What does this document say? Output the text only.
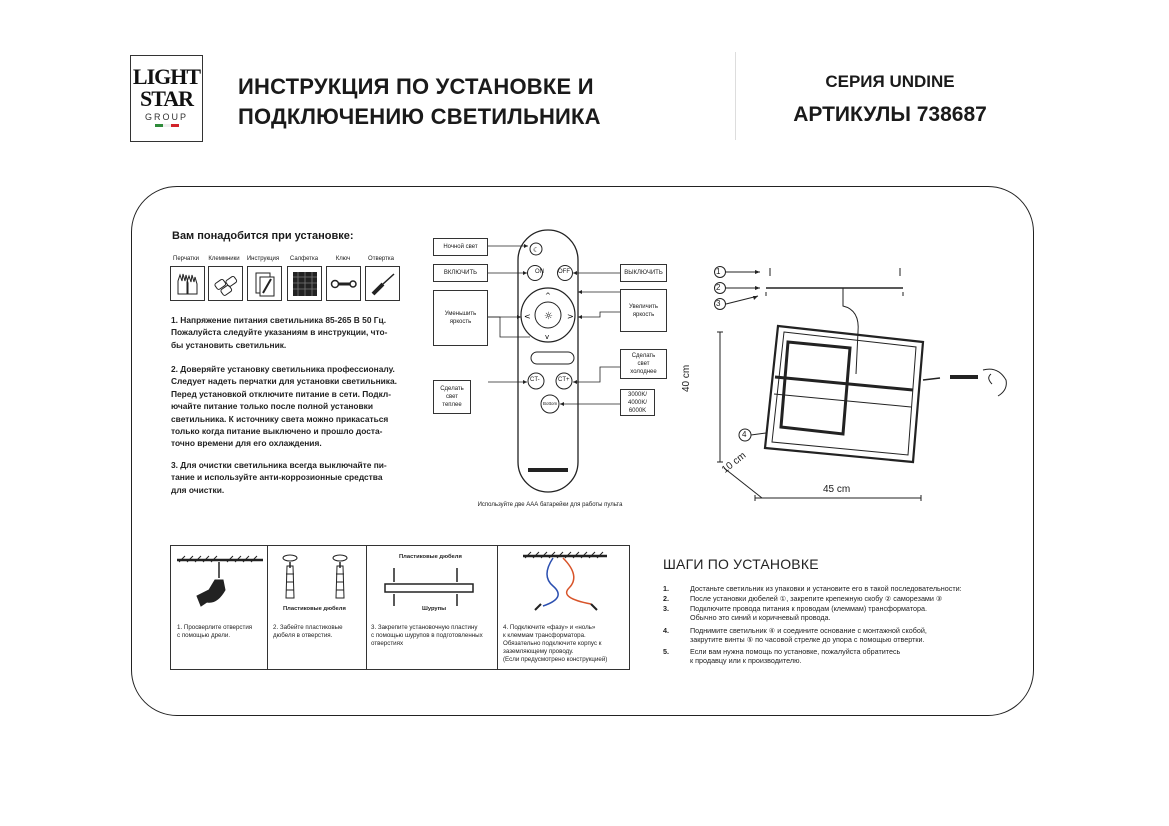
LIGHT
STAR
GROUP
ИНСТРУКЦИЯ ПО УСТАНОВКЕ И
ПОДКЛЮЧЕНИЮ СВЕТИЛЬНИКА
СЕРИЯ UNDINE
АРТИКУЛЫ 738687
Вам понадобится при установке:
Перчатки	Клеммники	Инструкция	Салфетка	Ключ	Отвертка
1. Напряжение питания светильника 85-265 В 50 Гц.
Пожалуйста следуйте указаниям в инструкции, что-
бы установить светильник.
2. Доверяйте установку светильника профессионалу.
Следует надеть перчатки для установки светильника.
Перед установкой отключите питание в сети. Подкл-
ючайте питание только после полной установки
светильника. К источнику света можно прикасаться
только когда питание выключено и прошло доста-
точно времени для его охлаждения.
3. Для очистки светильника всегда выключайте пи-
тание и используйте анти-коррозионные средства
для очистки.
☾
☼
<	>
^
v
ON OFF
CT-	CT+
Bottom
Ночной свет
ВКЛЮЧИТЬ	ВЫКЛЮЧИТЬ
Уменьшить
яркость
Увеличить
яркость
Сделать
свет
холоднее
Сделать
свет
теплее
3000K/
4000K/
6000K
Используйте две ААА батарейки для работы пульта
1
2
3
4
40 cm
10 cm
45 cm
Пластиковые дюбеля
Пластиковые дюбеля
Шурупы
1. Просверлите отверстия
с помощью дрели.
2. Забейте пластиковые
дюбеля в отверстия.
3. Закрепите установочную пластину
с помощью шурупов в подготовленных
отверстиях
4. Подключите «фазу» и «ноль»
к клеммам трансформатора.
Обязательно подключите корпус к
заземляющему проводу.
(Если предусмотрено конструкцией)
ШАГИ ПО УСТАНОВКЕ
1.	Достаньте светильник из упаковки и установите его в такой последовательности:
2.	После установки дюбелей ①, закрепите крепежную скобу ② саморезами ③
3.	Подключите провода питания к проводам (клеммам) трансформатора.
Обычно это синий и коричневый провода.
4.	Поднимите светильник ④ и соедините основание с монтажной скобой,
закрутите винты ⑤ по часовой стрелке до упора с помощью отвертки.
5.	Если вам нужна помощь по установке, пожалуйста обратитесь
к продавцу или к производителю.
